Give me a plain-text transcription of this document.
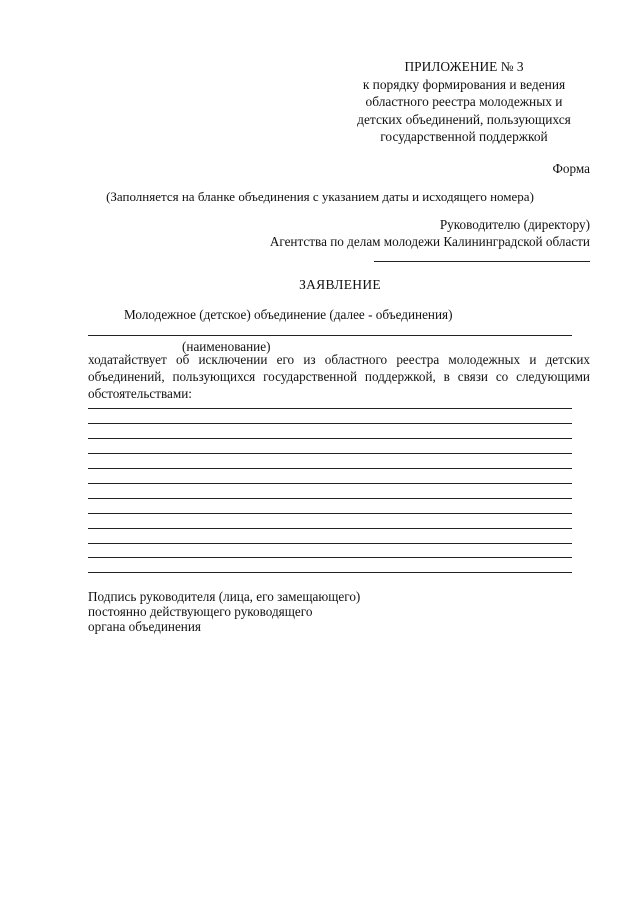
ПРИЛОЖЕНИЕ № 3
к порядку формирования и ведения
областного реестра молодежных и
детских объединений, пользующихся
государственной поддержкой
Форма
(Заполняется на бланке объединения с указанием даты и исходящего номера)
Руководителю (директору)
Агентства по делам молодежи Калининградской области
ЗАЯВЛЕНИЕ
Молодежное (детское) объединение (далее - объединения)
(наименование)
ходатайствует об исключении его из областного реестра молодежных и детских
объединений, пользующихся государственной поддержкой, в связи со следующими
обстоятельствами:
Подпись руководителя (лица, его замещающего)
постоянно действующего руководящего
органа объединения
